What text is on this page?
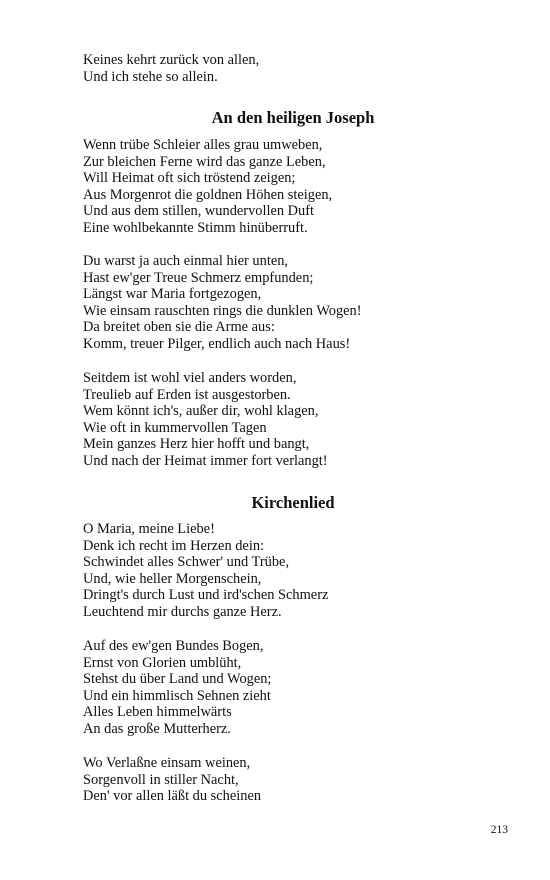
Keines kehrt zurück von allen,
Und ich stehe so allein.
An den heiligen Joseph
Wenn trübe Schleier alles grau umweben,
Zur bleichen Ferne wird das ganze Leben,
Will Heimat oft sich tröstend zeigen;
Aus Morgenrot die goldnen Höhen steigen,
Und aus dem stillen, wundervollen Duft
Eine wohlbekannte Stimm hinüberruft.
Du warst ja auch einmal hier unten,
Hast ew'ger Treue Schmerz empfunden;
Längst war Maria fortgezogen,
Wie einsam rauschten rings die dunklen Wogen!
Da breitet oben sie die Arme aus:
Komm, treuer Pilger, endlich auch nach Haus!
Seitdem ist wohl viel anders worden,
Treulieb auf Erden ist ausgestorben.
Wem könnt ich's, außer dir, wohl klagen,
Wie oft in kummervollen Tagen
Mein ganzes Herz hier hofft und bangt,
Und nach der Heimat immer fort verlangt!
Kirchenlied
O Maria, meine Liebe!
Denk ich recht im Herzen dein:
Schwindet alles Schwer' und Trübe,
Und, wie heller Morgenschein,
Dringt's durch Lust und ird'schen Schmerz
Leuchtend mir durchs ganze Herz.
Auf des ew'gen Bundes Bogen,
Ernst von Glorien umblüht,
Stehst du über Land und Wogen;
Und ein himmlisch Sehnen zieht
Alles Leben himmelwärts
An das große Mutterherz.
Wo Verlaßne einsam weinen,
Sorgenvoll in stiller Nacht,
Den' vor allen läßt du scheinen
213
